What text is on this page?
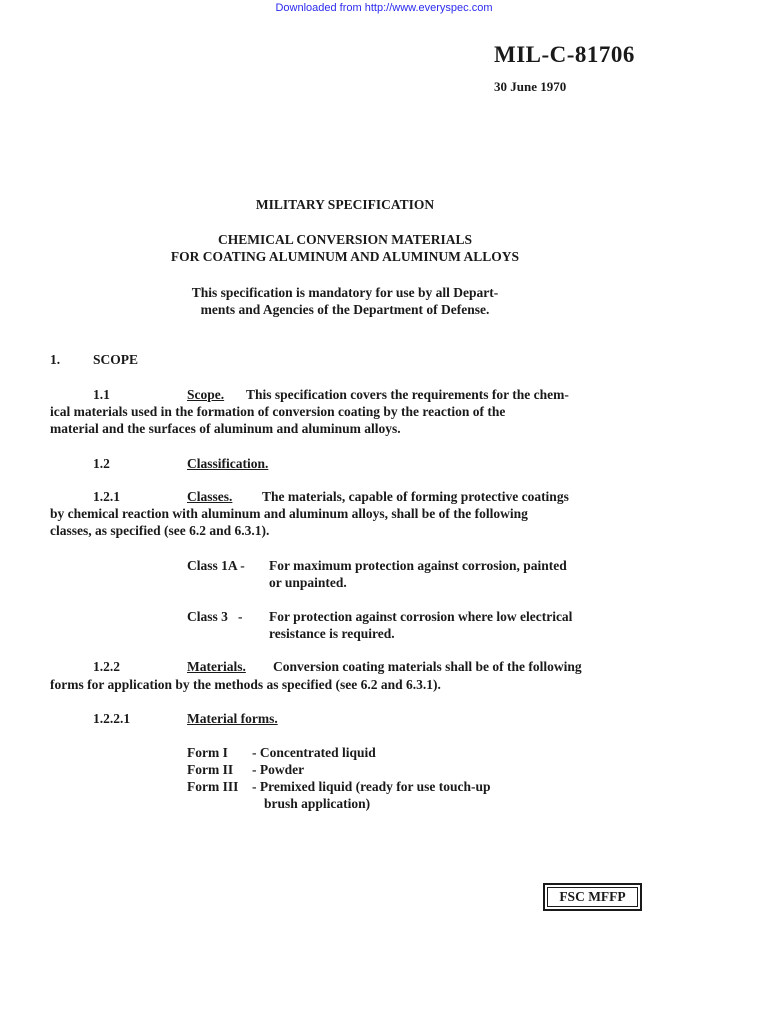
Downloaded from http://www.everyspec.com
MIL-C-81706
30 June 1970
MILITARY SPECIFICATION
CHEMICAL CONVERSION MATERIALS
FOR COATING ALUMINUM AND ALUMINUM ALLOYS
This specification is mandatory for use by all Depart-
ments and Agencies of the Department of Defense.
1. SCOPE
1.1	Scope. This specification covers the requirements for the chem-
ical materials used in the formation of conversion coating by the reaction of the
material and the surfaces of aluminum and aluminum alloys.
1.2	Classification.
1.2.1	Classes. The materials, capable of forming protective coatings
by chemical reaction with aluminum and aluminum alloys, shall be of the following
classes, as specified (see 6.2 and 6.3.1).
Class 1A - For maximum protection against corrosion, painted
or unpainted.
Class 3   - For protection against corrosion where low electrical
resistance is required.
1.2.2	Materials. Conversion coating materials shall be of the following
forms for application by the methods as specified (see 6.2 and 6.3.1).
1.2.2.1	Material forms.
Form I - Concentrated liquid
Form II - Powder
Form III - Premixed liquid (ready for use touch-up
brush application)
FSC MFFP
